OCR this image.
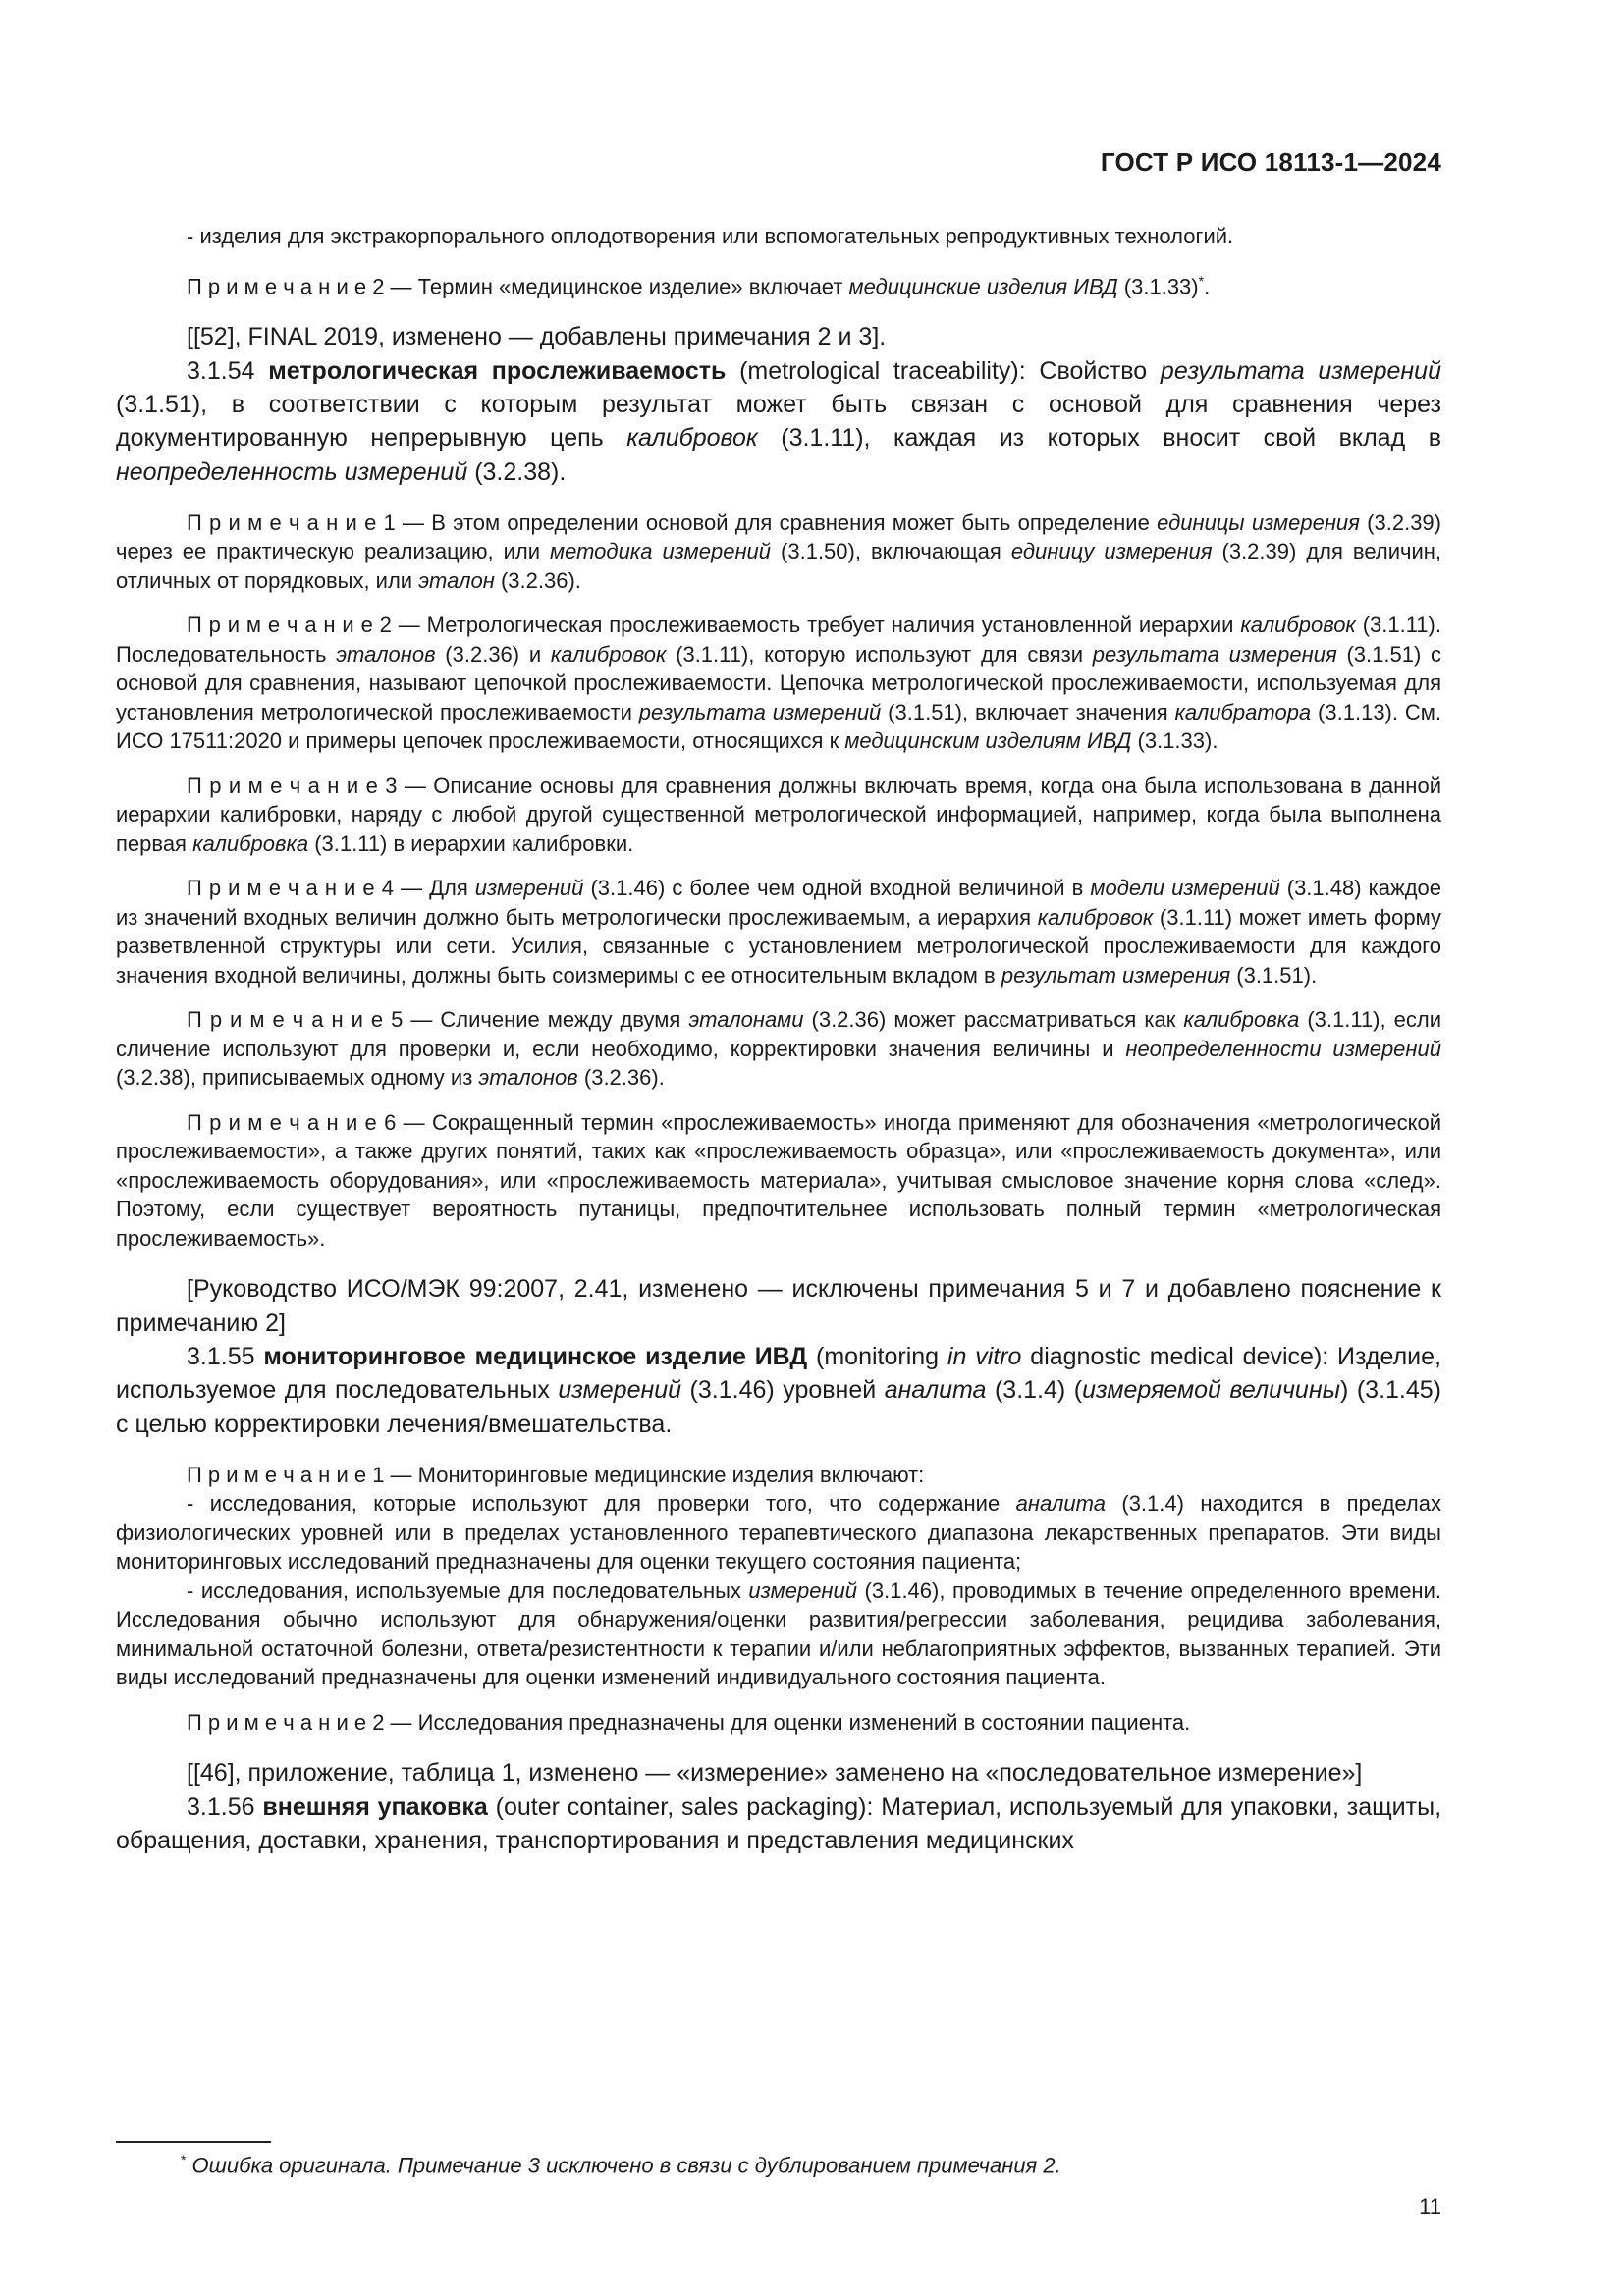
ГОСТ Р ИСО 18113-1—2024

- изделия для экстракорпорального оплодотворения или вспомогательных репродуктивных технологий.

П р и м е ч а н и е 2 — Термин «медицинское изделие» включает медицинские изделия ИВД (3.1.33)*.

[[52], FINAL 2019, изменено — добавлены примечания 2 и 3].

3.1.54 метрологическая прослеживаемость (metrological traceability): Свойство результата измерений (3.1.51), в соответствии с которым результат может быть связан с основой для сравнения через документированную непрерывную цепь калибровок (3.1.11), каждая из которых вносит свой вклад в неопределенность измерений (3.2.38).

П р и м е ч а н и е 1 — В этом определении основой для сравнения может быть определение единицы измерения (3.2.39) через ее практическую реализацию, или методика измерений (3.1.50), включающая единицу измерения (3.2.39) для величин, отличных от порядковых, или эталон (3.2.36).

П р и м е ч а н и е 2 — Метрологическая прослеживаемость требует наличия установленной иерархии калибровок (3.1.11). Последовательность эталонов (3.2.36) и калибровок (3.1.11), которую используют для связи результата измерения (3.1.51) с основой для сравнения, называют цепочкой прослеживаемости. Цепочка метрологической прослеживаемости, используемая для установления метрологической прослеживаемости результата измерений (3.1.51), включает значения калибратора (3.1.13). См. ИСО 17511:2020 и примеры цепочек прослеживаемости, относящихся к медицинским изделиям ИВД (3.1.33).

П р и м е ч а н и е 3 — Описание основы для сравнения должны включать время, когда она была использована в данной иерархии калибровки, наряду с любой другой существенной метрологической информацией, например, когда была выполнена первая калибровка (3.1.11) в иерархии калибровки.

П р и м е ч а н и е 4 — Для измерений (3.1.46) с более чем одной входной величиной в модели измерений (3.1.48) каждое из значений входных величин должно быть метрологически прослеживаемым, а иерархия калибровок (3.1.11) может иметь форму разветвленной структуры или сети. Усилия, связанные с установлением метрологической прослеживаемости для каждого значения входной величины, должны быть соизмеримы с ее относительным вкладом в результат измерения (3.1.51).

П р и м е ч а н и е 5 — Сличение между двумя эталонами (3.2.36) может рассматриваться как калибровка (3.1.11), если сличение используют для проверки и, если необходимо, корректировки значения величины и неопределенности измерений (3.2.38), приписываемых одному из эталонов (3.2.36).

П р и м е ч а н и е 6 — Сокращенный термин «прослеживаемость» иногда применяют для обозначения «метрологической прослеживаемости», а также других понятий, таких как «прослеживаемость образца», или «прослеживаемость документа», или «прослеживаемость оборудования», или «прослеживаемость материала», учитывая смысловое значение корня слова «след». Поэтому, если существует вероятность путаницы, предпочтительнее использовать полный термин «метрологическая прослеживаемость».

[Руководство ИСО/МЭК 99:2007, 2.41, изменено — исключены примечания 5 и 7 и добавлено пояснение к примечанию 2]

3.1.55 мониторинговое медицинское изделие ИВД (monitoring in vitro diagnostic medical device): Изделие, используемое для последовательных измерений (3.1.46) уровней аналита (3.1.4) (измеряемой величины) (3.1.45) с целью корректировки лечения/вмешательства.

П р и м е ч а н и е 1 — Мониторинговые медицинские изделия включают:

- исследования, которые используют для проверки того, что содержание аналита (3.1.4) находится в пределах физиологических уровней или в пределах установленного терапевтического диапазона лекарственных препаратов. Эти виды мониторинговых исследований предназначены для оценки текущего состояния пациента;

- исследования, используемые для последовательных измерений (3.1.46), проводимых в течение определенного времени. Исследования обычно используют для обнаружения/оценки развития/регрессии заболевания, рецидива заболевания, минимальной остаточной болезни, ответа/резистентности к терапии и/или неблагоприятных эффектов, вызванных терапией. Эти виды исследований предназначены для оценки изменений индивидуального состояния пациента.

П р и м е ч а н и е 2 — Исследования предназначены для оценки изменений в состоянии пациента.

[[46], приложение, таблица 1, изменено — «измерение» заменено на «последовательное измерение»]

3.1.56 внешняя упаковка (outer container, sales packaging): Материал, используемый для упаковки, защиты, обращения, доставки, хранения, транспортирования и представления медицинских

* Ошибка оригинала. Примечание 3 исключено в связи с дублированием примечания 2.
11
